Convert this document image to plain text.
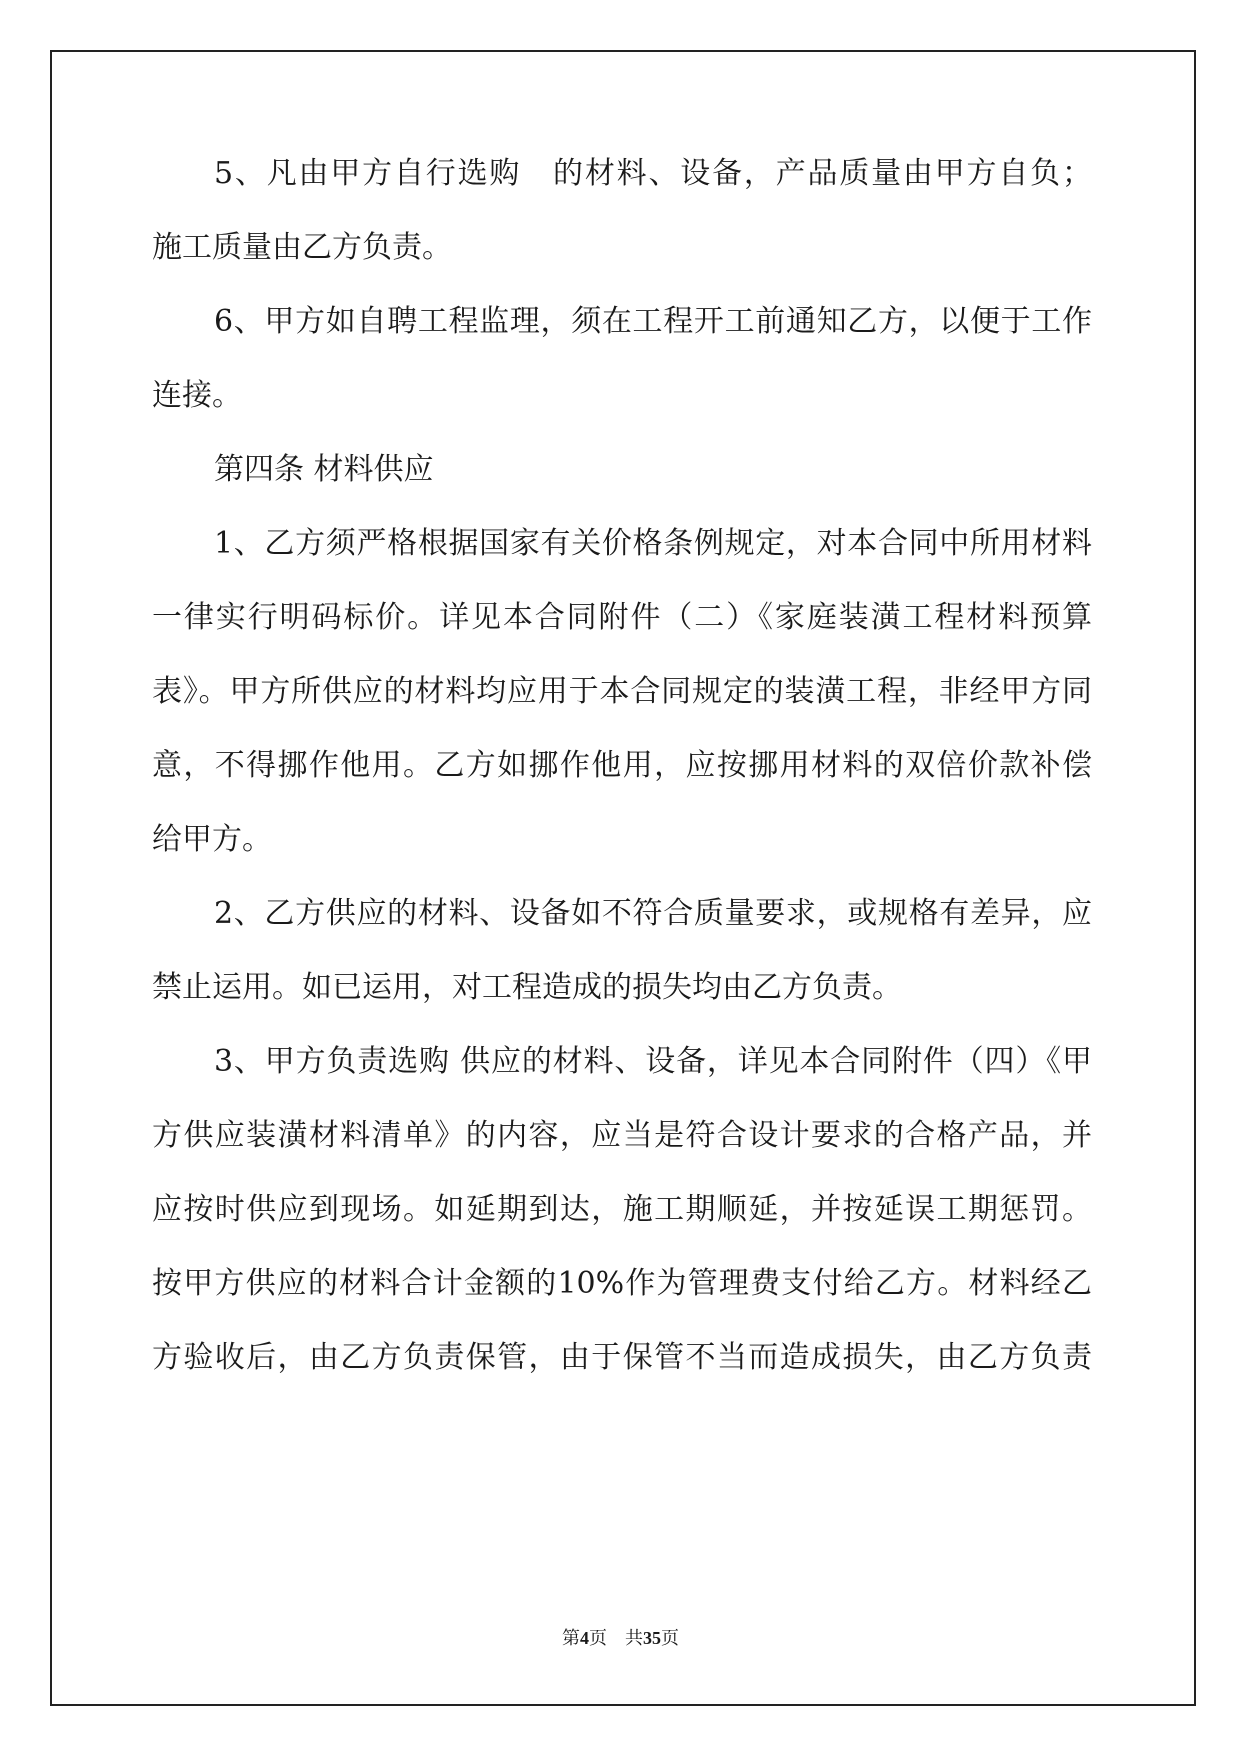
5、凡由甲方自行选购　的材料、设备，产品质量由甲方自负；
施工质量由乙方负责。
6、甲方如自聘工程监理，须在工程开工前通知乙方，以便于工作
连接。
第四条 材料供应
1、乙方须严格根据国家有关价格条例规定，对本合同中所用材料
一律实行明码标价。详见本合同附件（二）《家庭装潢工程材料预算
表》。甲方所供应的材料均应用于本合同规定的装潢工程，非经甲方同
意，不得挪作他用。乙方如挪作他用，应按挪用材料的双倍价款补偿
给甲方。
2、乙方供应的材料、设备如不符合质量要求，或规格有差异，应
禁止运用。如已运用，对工程造成的损失均由乙方负责。
3、甲方负责选购 供应的材料、设备，详见本合同附件（四）《甲
方供应装潢材料清单》的内容，应当是符合设计要求的合格产品，并
应按时供应到现场。如延期到达，施工期顺延，并按延误工期惩罚。
按甲方供应的材料合计金额的10%作为管理费支付给乙方。材料经乙
方验收后，由乙方负责保管，由于保管不当而造成损失，由乙方负责
第4页　共35页
